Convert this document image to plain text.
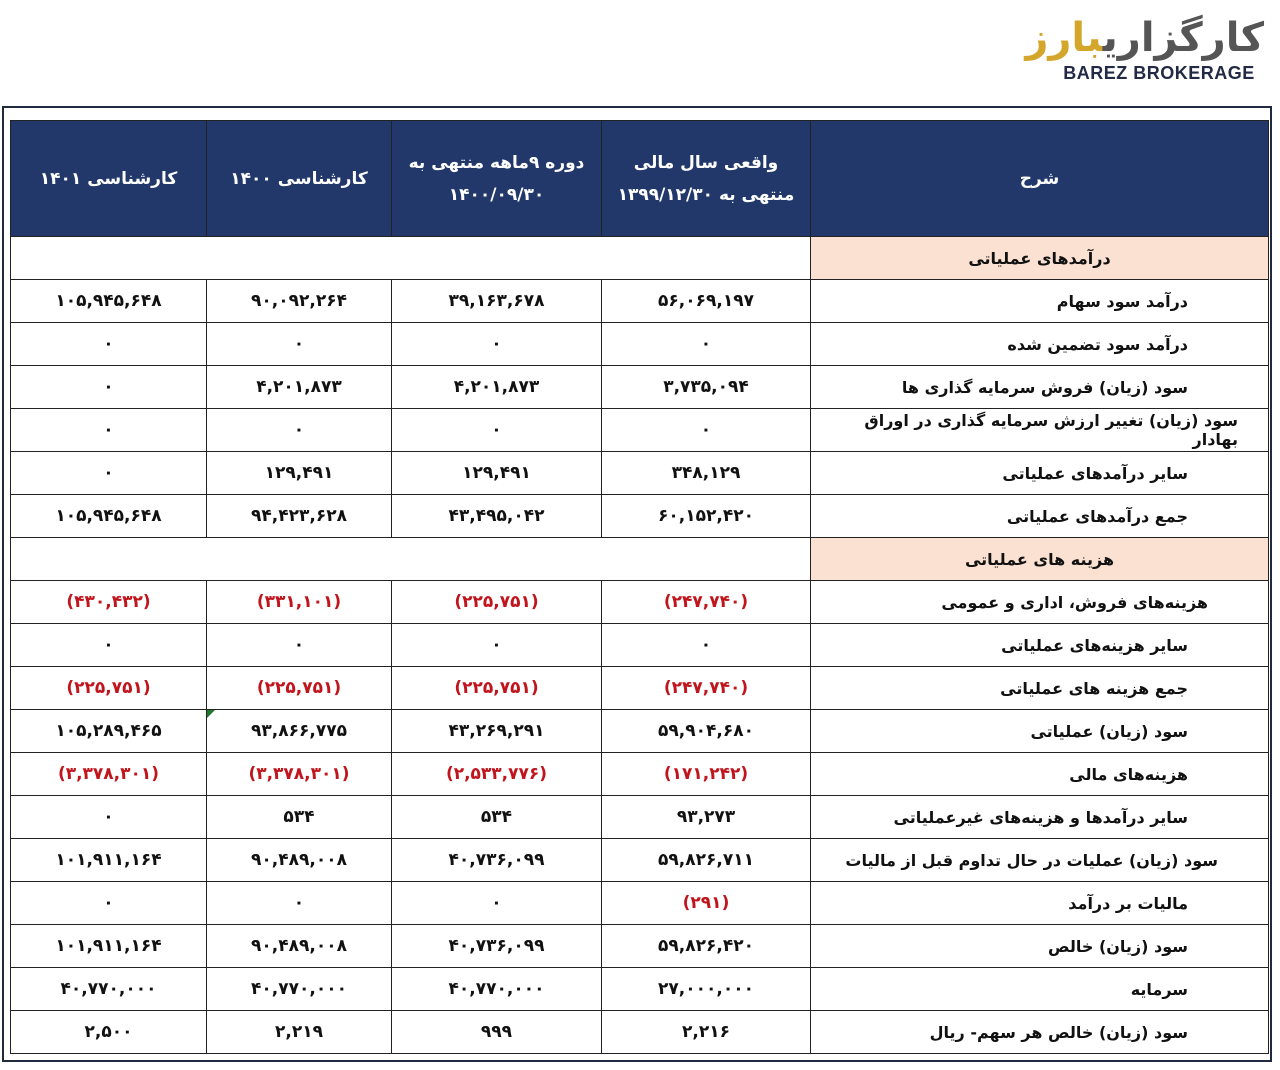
کارگزاریبارز
BAREZ BROKERAGE
شرح	واقعی سال مالی منتهی به ۱۳۹۹/۱۲/۳۰	دوره ۹ماهه منتهی به ۱۴۰۰/۰۹/۳۰	کارشناسی ۱۴۰۰	کارشناسی ۱۴۰۱
درآمدهای عملیاتی				
درآمد سود سهام	۵۶,۰۶۹,۱۹۷	۳۹,۱۶۳,۶۷۸	۹۰,۰۹۲,۲۶۴	۱۰۵,۹۴۵,۶۴۸
درآمد سود تضمین شده	۰	۰	۰	۰
سود (زیان) فروش سرمایه گذاری ها	۳,۷۳۵,۰۹۴	۴,۲۰۱,۸۷۳	۴,۲۰۱,۸۷۳	۰
سود (زیان) تغییر ارزش سرمایه گذاری در اوراق بهادار	۰	۰	۰	۰
سایر درآمدهای عملیاتی	۳۴۸,۱۲۹	۱۲۹,۴۹۱	۱۲۹,۴۹۱	۰
جمع درآمدهای عملیاتی	۶۰,۱۵۲,۴۲۰	۴۳,۴۹۵,۰۴۲	۹۴,۴۲۳,۶۲۸	۱۰۵,۹۴۵,۶۴۸
هزینه های عملیاتی				
هزینه‌های فروش، اداری و عمومی	(۲۴۷,۷۴۰)	(۲۲۵,۷۵۱)	(۳۳۱,۱۰۱)	(۴۳۰,۴۳۲)
سایر هزینه‌های عملیاتی	۰	۰	۰	۰
جمع هزینه های عملیاتی	(۲۴۷,۷۴۰)	(۲۲۵,۷۵۱)	(۲۲۵,۷۵۱)	(۲۲۵,۷۵۱)
سود (زیان) عملیاتی	۵۹,۹۰۴,۶۸۰	۴۳,۲۶۹,۲۹۱	۹۳,۸۶۶,۷۷۵	۱۰۵,۲۸۹,۴۶۵
هزینه‌های مالی	(۱۷۱,۲۴۲)	(۲,۵۳۳,۷۷۶)	(۳,۳۷۸,۳۰۱)	(۳,۳۷۸,۳۰۱)
سایر درآمدها و هزینه‌های غیرعملیاتی	۹۳,۲۷۳	۵۳۴	۵۳۴	۰
سود (زیان) عملیات در حال تداوم قبل از مالیات	۵۹,۸۲۶,۷۱۱	۴۰,۷۳۶,۰۹۹	۹۰,۴۸۹,۰۰۸	۱۰۱,۹۱۱,۱۶۴
مالیات بر درآمد	(۲۹۱)	۰	۰	۰
سود (زیان) خالص	۵۹,۸۲۶,۴۲۰	۴۰,۷۳۶,۰۹۹	۹۰,۴۸۹,۰۰۸	۱۰۱,۹۱۱,۱۶۴
سرمایه	۲۷,۰۰۰,۰۰۰	۴۰,۷۷۰,۰۰۰	۴۰,۷۷۰,۰۰۰	۴۰,۷۷۰,۰۰۰
سود (زیان) خالص هر سهم- ریال	۲,۲۱۶	۹۹۹	۲,۲۱۹	۲,۵۰۰
